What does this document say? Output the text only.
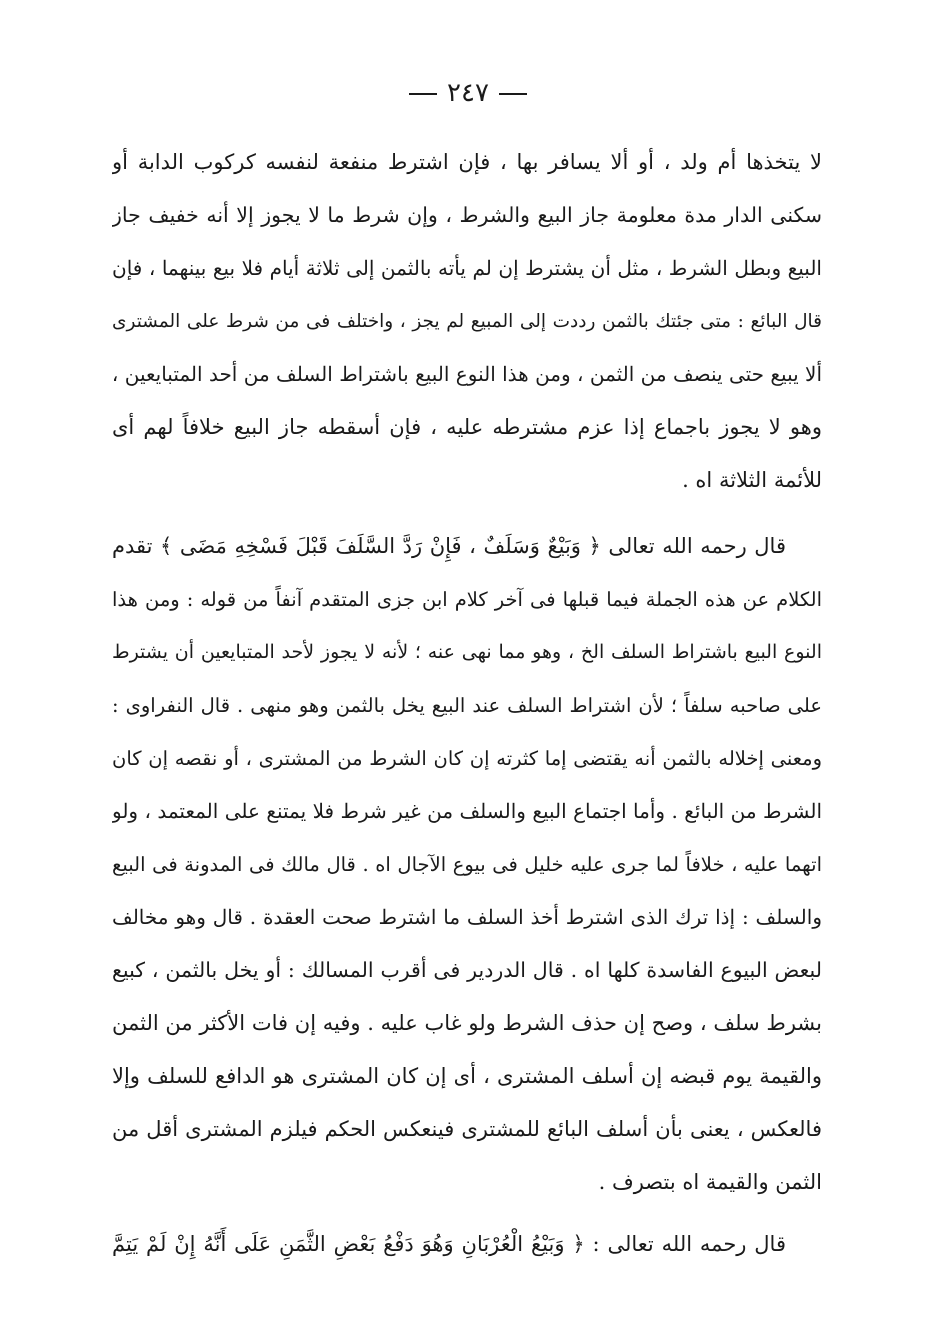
٢٤٧
لا يتخذها أم ولد ، أو ألا يسافر بها ، فإن اشترط منفعة لنفسه كركوب الدابة أو
سكنى الدار مدة معلومة جاز البيع والشرط ، وإن شرط ما لا يجوز إلا أنه خفيف جاز
البيع وبطل الشرط ، مثل أن يشترط إن لم يأته بالثمن إلى ثلاثة أيام فلا بيع بينهما ، فإن
قال البائع : متى جئتك بالثمن رددت إلى المبيع لم يجز ، واختلف فى من شرط على المشترى
ألا يبيع حتى ينصف من الثمن ، ومن هذا النوع البيع باشتراط السلف من أحد المتبايعين ،
وهو لا يجوز باجماع إذا عزم مشترطه عليه ، فإن أسقطه جاز البيع خلافاً لهم أى
للأئمة الثلاثة اه .
قال رحمه الله تعالى ﴿ وَبَيْعٌ وَسَلَفٌ ، فَإِنْ رَدَّ السَّلَفَ قَبْلَ فَسْخِهِ مَضَى ﴾ تقدم
الكلام عن هذه الجملة فيما قبلها فى آخر كلام ابن جزى المتقدم آنفاً من قوله : ومن هذا
النوع البيع باشتراط السلف الخ ، وهو مما نهى عنه ؛ لأنه لا يجوز لأحد المتبايعين أن يشترط
على صاحبه سلفاً ؛ لأن اشتراط السلف عند البيع يخل بالثمن وهو منهى . قال النفراوى :
ومعنى إخلاله بالثمن أنه يقتضى إما كثرته إن كان الشرط من المشترى ، أو نقصه إن كان
الشرط من البائع . وأما اجتماع البيع والسلف من غير شرط فلا يمتنع على المعتمد ، ولو
اتهما عليه ، خلافاً لما جرى عليه خليل فى بيوع الآجال اه . قال مالك فى المدونة فى البيع
والسلف : إذا ترك الذى اشترط أخذ السلف ما اشترط صحت العقدة . قال وهو مخالف
لبعض البيوع الفاسدة كلها اه . قال الدردير فى أقرب المسالك : أو يخل بالثمن ، كبيع
بشرط سلف ، وصح إن حذف الشرط ولو غاب عليه . وفيه إن فات الأكثر من الثمن
والقيمة يوم قبضه إن أسلف المشترى ، أى إن كان المشترى هو الدافع للسلف وإلا
فالعكس ، يعنى بأن أسلف البائع للمشترى فينعكس الحكم فيلزم المشترى أقل من
الثمن والقيمة اه بتصرف .
قال رحمه الله تعالى : ﴿ وَبَيْعُ الْعُرْبَانِ وَهُوَ دَفْعُ بَعْضِ الثَّمَنِ عَلَى أَنَّهُ إِنْ لَمْ يَتِمَّ
